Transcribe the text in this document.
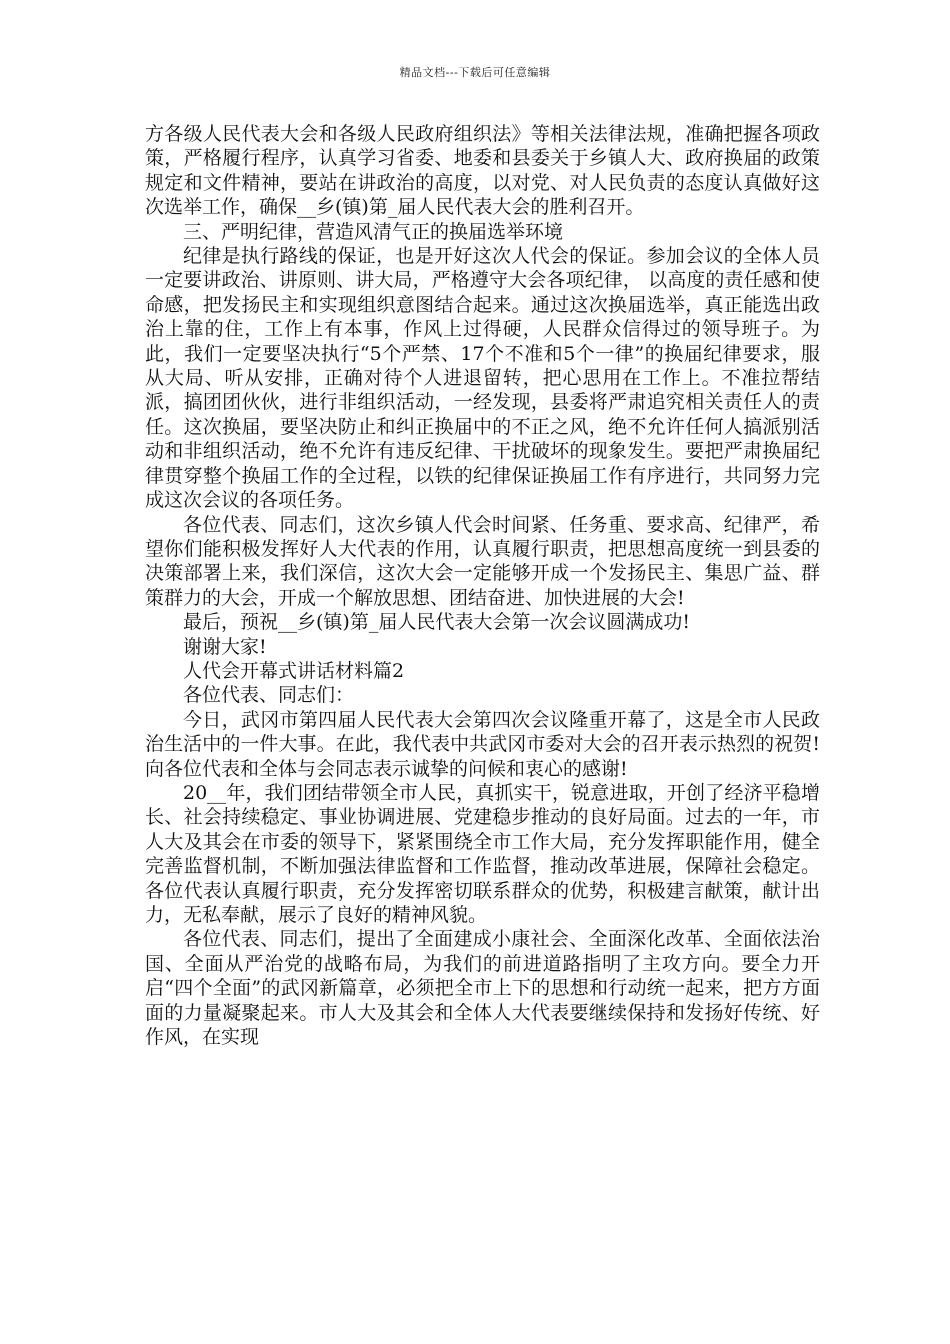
精品文档---下载后可任意编辑

方各级人民代表大会和各级人民政府组织法》等相关法律法规，准确把握各项政策，严格履行程序，认真学习省委、地委和县委关于乡镇人大、政府换届的政策规定和文件精神，要站在讲政治的高度，以对党、对人民负责的态度认真做好这次选举工作，确保__乡(镇)第_届人民代表大会的胜利召开。

三、严明纪律，营造风清气正的换届选举环境

纪律是执行路线的保证，也是开好这次人代会的保证。参加会议的全体人员一定要讲政治、讲原则、讲大局，严格遵守大会各项纪律， 以高度的责任感和使命感，把发扬民主和实现组织意图结合起来。通过这次换届选举，真正能选出政治上靠的住，工作上有本事，作风上过得硬，人民群众信得过的领导班子。为此，我们一定要坚决执行“5个严禁、17个不准和5个一律”的换届纪律要求，服从大局、听从安排，正确对待个人进退留转，把心思用在工作上。不准拉帮结派，搞团团伙伙，进行非组织活动，一经发现，县委将严肃追究相关责任人的责任。这次换届，要坚决防止和纠正换届中的不正之风，绝不允许任何人搞派别活动和非组织活动，绝不允许有违反纪律、干扰破坏的现象发生。要把严肃换届纪律贯穿整个换届工作的全过程，以铁的纪律保证换届工作有序进行，共同努力完成这次会议的各项任务。

各位代表、同志们，这次乡镇人代会时间紧、任务重、要求高、纪律严，希望你们能积极发挥好人大代表的作用，认真履行职责，把思想高度统一到县委的决策部署上来，我们深信，这次大会一定能够开成一个发扬民主、集思广益、群策群力的大会，开成一个解放思想、团结奋进、加快进展的大会!

最后，预祝__乡(镇)第_届人民代表大会第一次会议圆满成功!

谢谢大家!

人代会开幕式讲话材料篇2

各位代表、同志们：

今日，武冈市第四届人民代表大会第四次会议隆重开幕了，这是全市人民政治生活中的一件大事。在此，我代表中共武冈市委对大会的召开表示热烈的祝贺!向各位代表和全体与会同志表示诚挚的问候和衷心的感谢!

20__年，我们团结带领全市人民，真抓实干，锐意进取，开创了经济平稳增长、社会持续稳定、事业协调进展、党建稳步推动的良好局面。过去的一年，市人大及其会在市委的领导下，紧紧围绕全市工作大局，充分发挥职能作用，健全完善监督机制，不断加强法律监督和工作监督，推动改革进展，保障社会稳定。各位代表认真履行职责，充分发挥密切联系群众的优势，积极建言献策，献计出力，无私奉献，展示了良好的精神风貌。

各位代表、同志们，提出了全面建成小康社会、全面深化改革、全面依法治国、全面从严治党的战略布局，为我们的前进道路指明了主攻方向。要全力开启“四个全面”的武冈新篇章，必须把全市上下的思想和行动统一起来，把方方面面的力量凝聚起来。市人大及其会和全体人大代表要继续保持和发扬好传统、好作风，在实现
